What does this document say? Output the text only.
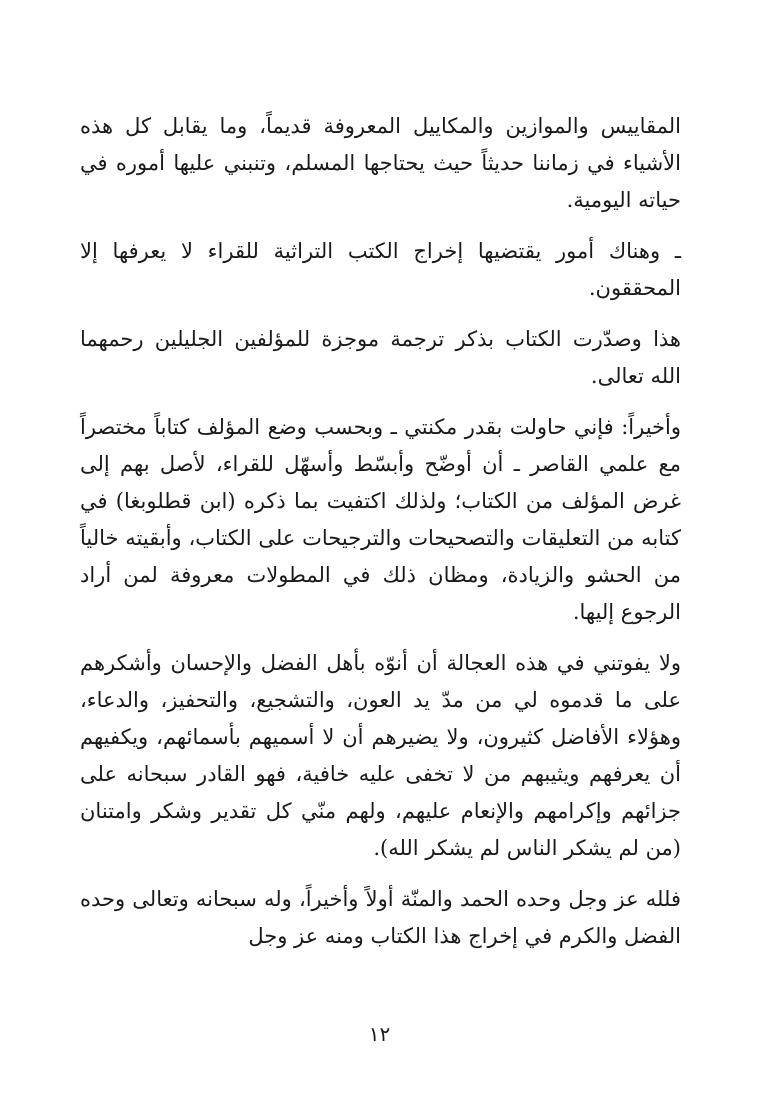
المقاييس والموازين والمكاييل المعروفة قديماً، وما يقابل كل هذه الأشياء في زماننا حديثاً حيث يحتاجها المسلم، وتنبني عليها أموره في حياته اليومية.

ـ وهناك أمور يقتضيها إخراج الكتب التراثية للقراء لا يعرفها إلا المحققون.

هذا وصدّرت الكتاب بذكر ترجمة موجزة للمؤلفين الجليلين رحمهما الله تعالى.

وأخيراً: فإني حاولت بقدر مكنتي ـ وبحسب وضع المؤلف كتاباً مختصراً مع علمي القاصر ـ أن أوضّح وأبسّط وأسهّل للقراء، لأصل بهم إلى غرض المؤلف من الكتاب؛ ولذلك اكتفيت بما ذكره (ابن قطلوبغا) في كتابه من التعليقات والتصحيحات والترجيحات على الكتاب، وأبقيته خالياً من الحشو والزيادة، ومظان ذلك في المطولات معروفة لمن أراد الرجوع إليها.

ولا يفوتني في هذه العجالة أن أنوّه بأهل الفضل والإحسان وأشكرهم على ما قدموه لي من مدّ يد العون، والتشجيع، والتحفيز، والدعاء، وهؤلاء الأفاضل كثيرون، ولا يضيرهم أن لا أسميهم بأسمائهم، ويكفيهم أن يعرفهم ويثيبهم من لا تخفى عليه خافية، فهو القادر سبحانه على جزائهم وإكرامهم والإنعام عليهم، ولهم منّي كل تقدير وشكر وامتنان (من لم يشكر الناس لم يشكر الله).

فلله عز وجل وحده الحمد والمنّة أولاً وأخيراً، وله سبحانه وتعالى وحده الفضل والكرم في إخراج هذا الكتاب ومنه عز وجل

١٢
